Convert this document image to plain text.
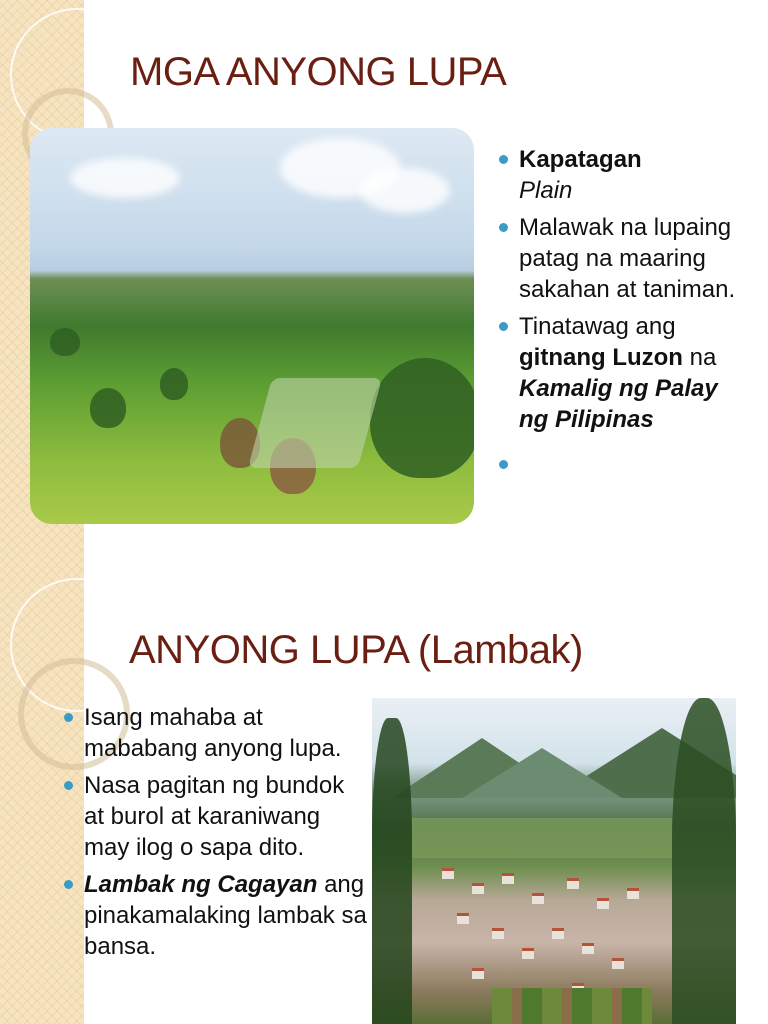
MGA ANYONG LUPA
Kapatagan
Plain
Malawak na lupaing patag na maaring sakahan at taniman.
Tinatawag ang gitnang Luzon na Kamalig ng Palay ng Pilipinas

ANYONG LUPA (Lambak)
Isang mahaba at mababang anyong lupa.
Nasa pagitan ng bundok at burol at karaniwang may ilog o sapa dito.
Lambak ng Cagayan ang pinakamalaking lambak sa bansa.
